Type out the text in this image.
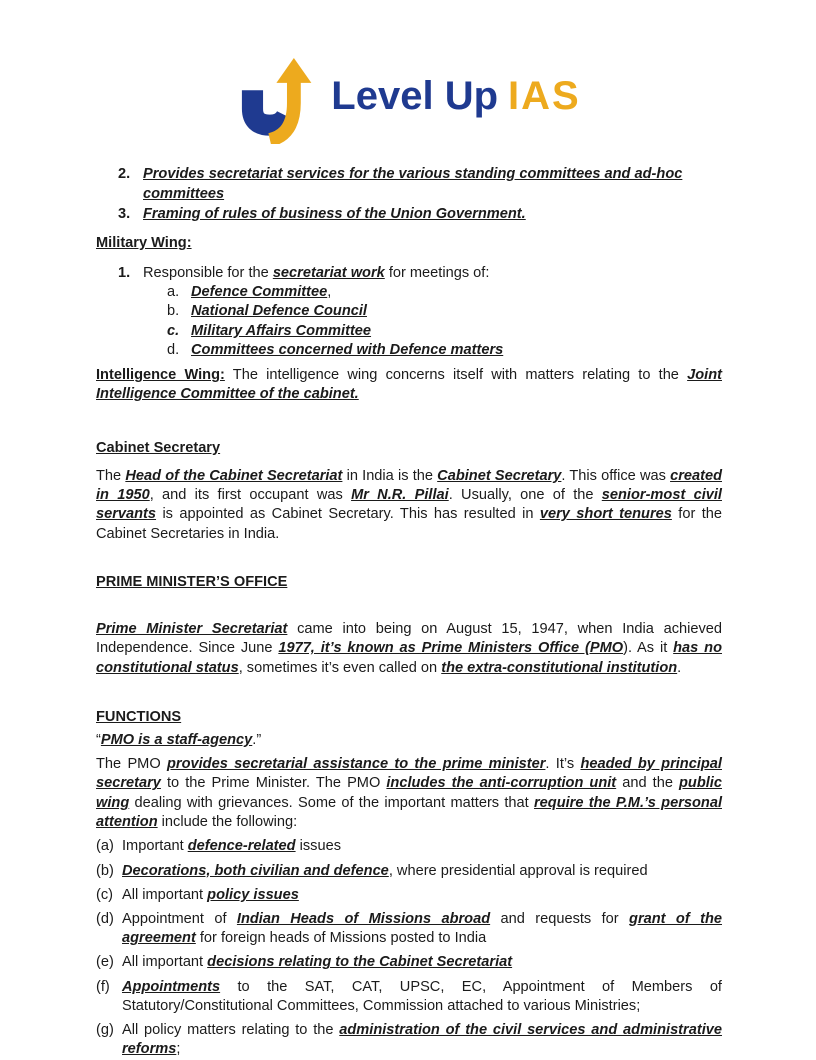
Level Up IAS
2. Provides secretariat services for the various standing committees and ad-hoc committees
3. Framing of rules of business of the Union Government.
Military Wing:
1. Responsible for the secretariat work for meetings of:
a. Defence Committee,
b. National Defence Council
c. Military Affairs Committee
d. Committees concerned with Defence matters

Intelligence Wing: The intelligence wing concerns itself with matters relating to the Joint Intelligence Committee of the cabinet.

Cabinet Secretary

The Head of the Cabinet Secretariat in India is the Cabinet Secretary. This office was created in 1950, and its first occupant was Mr N.R. Pillai. Usually, one of the senior-most civil servants is appointed as Cabinet Secretary. This has resulted in very short tenures for the Cabinet Secretaries in India.

PRIME MINISTER’S OFFICE

Prime Minister Secretariat came into being on August 15, 1947, when India achieved Independence. Since June 1977, it’s known as Prime Ministers Office (PMO). As it has no constitutional status, sometimes it’s even called on the extra-constitutional institution.

FUNCTIONS

“PMO is a staff-agency.”

The PMO provides secretarial assistance to the prime minister. It’s headed by principal secretary to the Prime Minister. The PMO includes the anti-corruption unit and the public wing dealing with grievances. Some of the important matters that require the P.M.’s personal attention include the following:

(a) Important defence-related issues
(b) Decorations, both civilian and defence, where presidential approval is required
(c) All important policy issues
(d) Appointment of Indian Heads of Missions abroad and requests for grant of the agreement for foreign heads of Missions posted to India
(e) All important decisions relating to the Cabinet Secretariat
(f) Appointments to the SAT, CAT, UPSC, EC, Appointment of Members of Statutory/Constitutional Committees, Commission attached to various Ministries;
(g) All policy matters relating to the administration of the civil services and administrative reforms;
